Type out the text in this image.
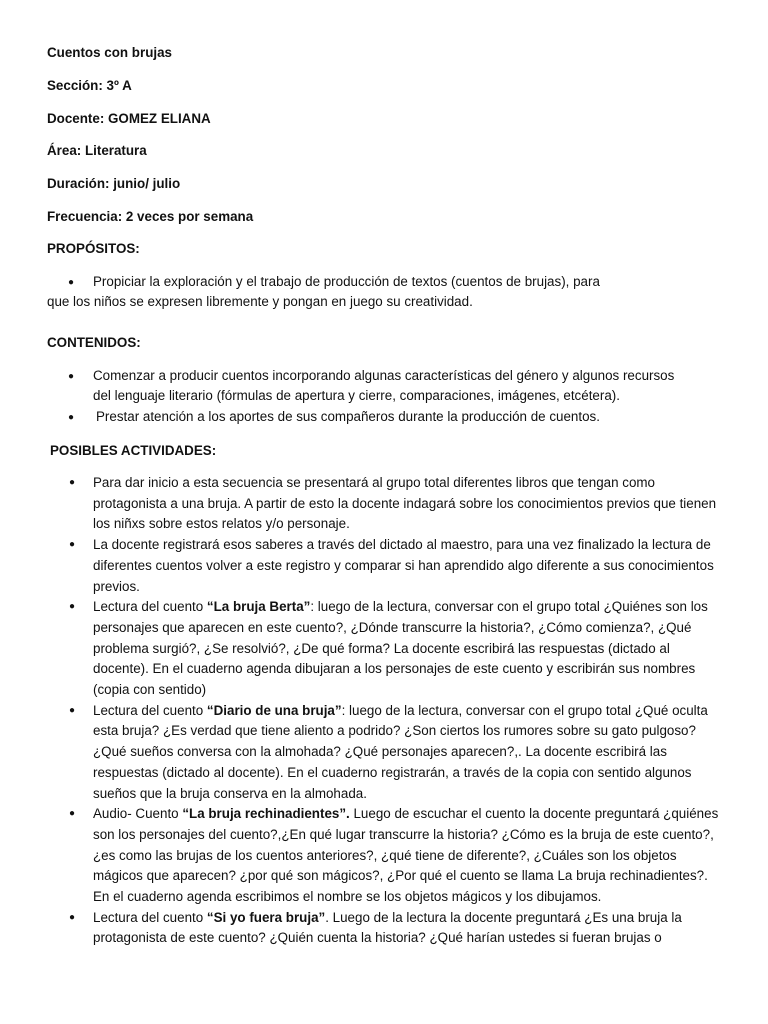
Cuentos con brujas
Sección: 3º A
Docente: GOMEZ ELIANA
Área: Literatura
Duración: junio/ julio
Frecuencia: 2 veces por semana
PROPÓSITOS:
● Propiciar la exploración y el trabajo de producción de textos (cuentos de brujas), para
que los niños se expresen libremente y pongan en juego su creatividad.
CONTENIDOS:
● Comenzar a producir cuentos incorporando algunas características del género y algunos recursos
del lenguaje literario (fórmulas de apertura y cierre, comparaciones, imágenes, etcétera).
● Prestar atención a los aportes de sus compañeros durante la producción de cuentos.
POSIBLES ACTIVIDADES:
● Para dar inicio a esta secuencia se presentará al grupo total diferentes libros que tengan como protagonista a una bruja. A partir de esto la docente indagará sobre los conocimientos previos que tienen los niñxs sobre estos relatos y/o personaje.
● La docente registrará esos saberes a través del dictado al maestro, para una vez finalizado la lectura de diferentes cuentos volver a este registro y comparar si han aprendido algo diferente a sus conocimientos previos.
● Lectura del cuento “La bruja Berta”: luego de la lectura, conversar con el grupo total ¿Quiénes son los personajes que aparecen en este cuento?, ¿Dónde transcurre la historia?, ¿Cómo comienza?, ¿Qué problema surgió?, ¿Se resolvió?, ¿De qué forma? La docente escribirá las respuestas (dictado al docente). En el cuaderno agenda dibujaran a los personajes de este cuento y escribirán sus nombres (copia con sentido)
● Lectura del cuento “Diario de una bruja”: luego de la lectura, conversar con el grupo total ¿Qué oculta esta bruja? ¿Es verdad que tiene aliento a podrido? ¿Son ciertos los rumores sobre su gato pulgoso? ¿Qué sueños conversa con la almohada? ¿Qué personajes aparecen?,. La docente escribirá las respuestas (dictado al docente). En el cuaderno registrarán, a través de la copia con sentido algunos sueños que la bruja conserva en la almohada.
● Audio- Cuento “La bruja rechinadientes”. Luego de escuchar el cuento la docente preguntará ¿quiénes son los personajes del cuento?,¿En qué lugar transcurre la historia? ¿Cómo es la bruja de este cuento?, ¿es como las brujas de los cuentos anteriores?, ¿qué tiene de diferente?, ¿Cuáles son los objetos mágicos que aparecen? ¿por qué son mágicos?, ¿Por qué el cuento se llama La bruja rechinadientes?. En el cuaderno agenda escribimos el nombre se los objetos mágicos y los dibujamos.
● Lectura del cuento “Si yo fuera bruja”. Luego de la lectura la docente preguntará ¿Es una bruja la protagonista de este cuento? ¿Quién cuenta la historia? ¿Qué harían ustedes si fueran brujas o
